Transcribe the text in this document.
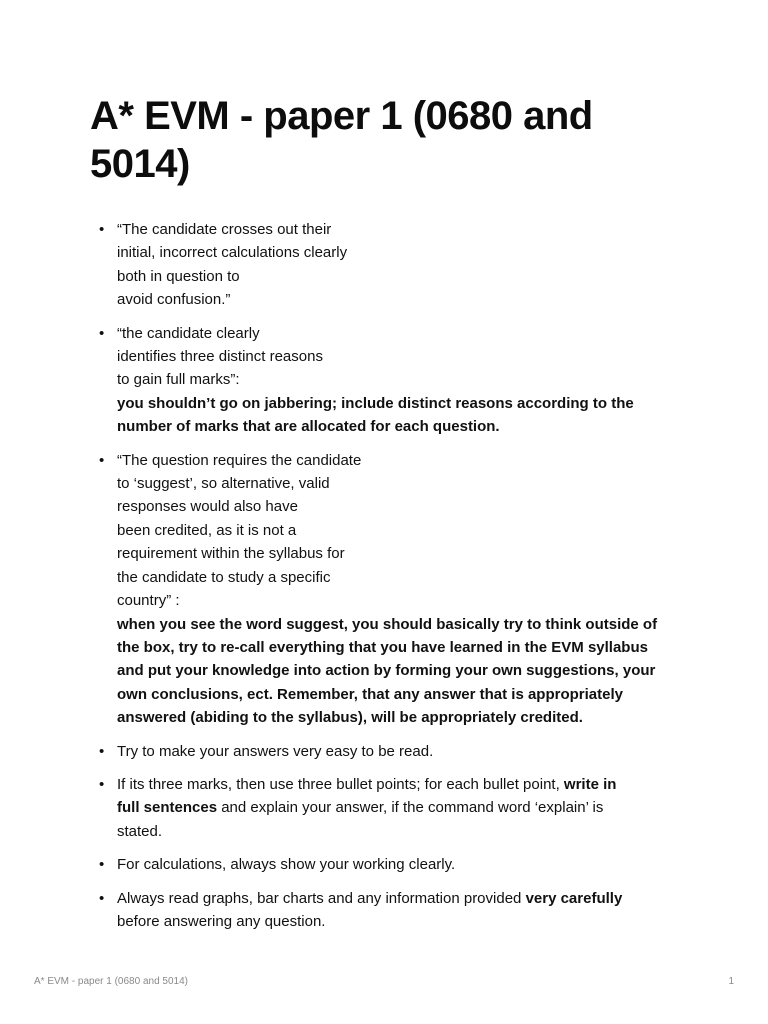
A* EVM - paper 1 (0680 and 5014)
• “The candidate crosses out their
initial, incorrect calculations clearly
both in question to
avoid confusion.”
• “the candidate clearly
identifies three distinct reasons
to gain full marks”:
you shouldn’t go on jabbering; include distinct reasons according to the
number of marks that are allocated for each question.
• “The question requires the candidate
to ‘suggest’, so alternative, valid
responses would also have
been credited, as it is not a
requirement within the syllabus for
the candidate to study a specific
country” :
when you see the word suggest, you should basically try to think outside of
the box, try to re-call everything that you have learned in the EVM syllabus
and put your knowledge into action by forming your own suggestions, your
own conclusions, ect. Remember, that any answer that is appropriately
answered (abiding to the syllabus), will be appropriately credited.
• Try to make your answers very easy to be read.
• If its three marks, then use three bullet points; for each bullet point, write in
full sentences and explain your answer, if the command word ‘explain’ is
stated.
• For calculations, always show your working clearly.
• Always read graphs, bar charts and any information provided very carefully
before answering any question.
A* EVM - paper 1 (0680 and 5014)	1
